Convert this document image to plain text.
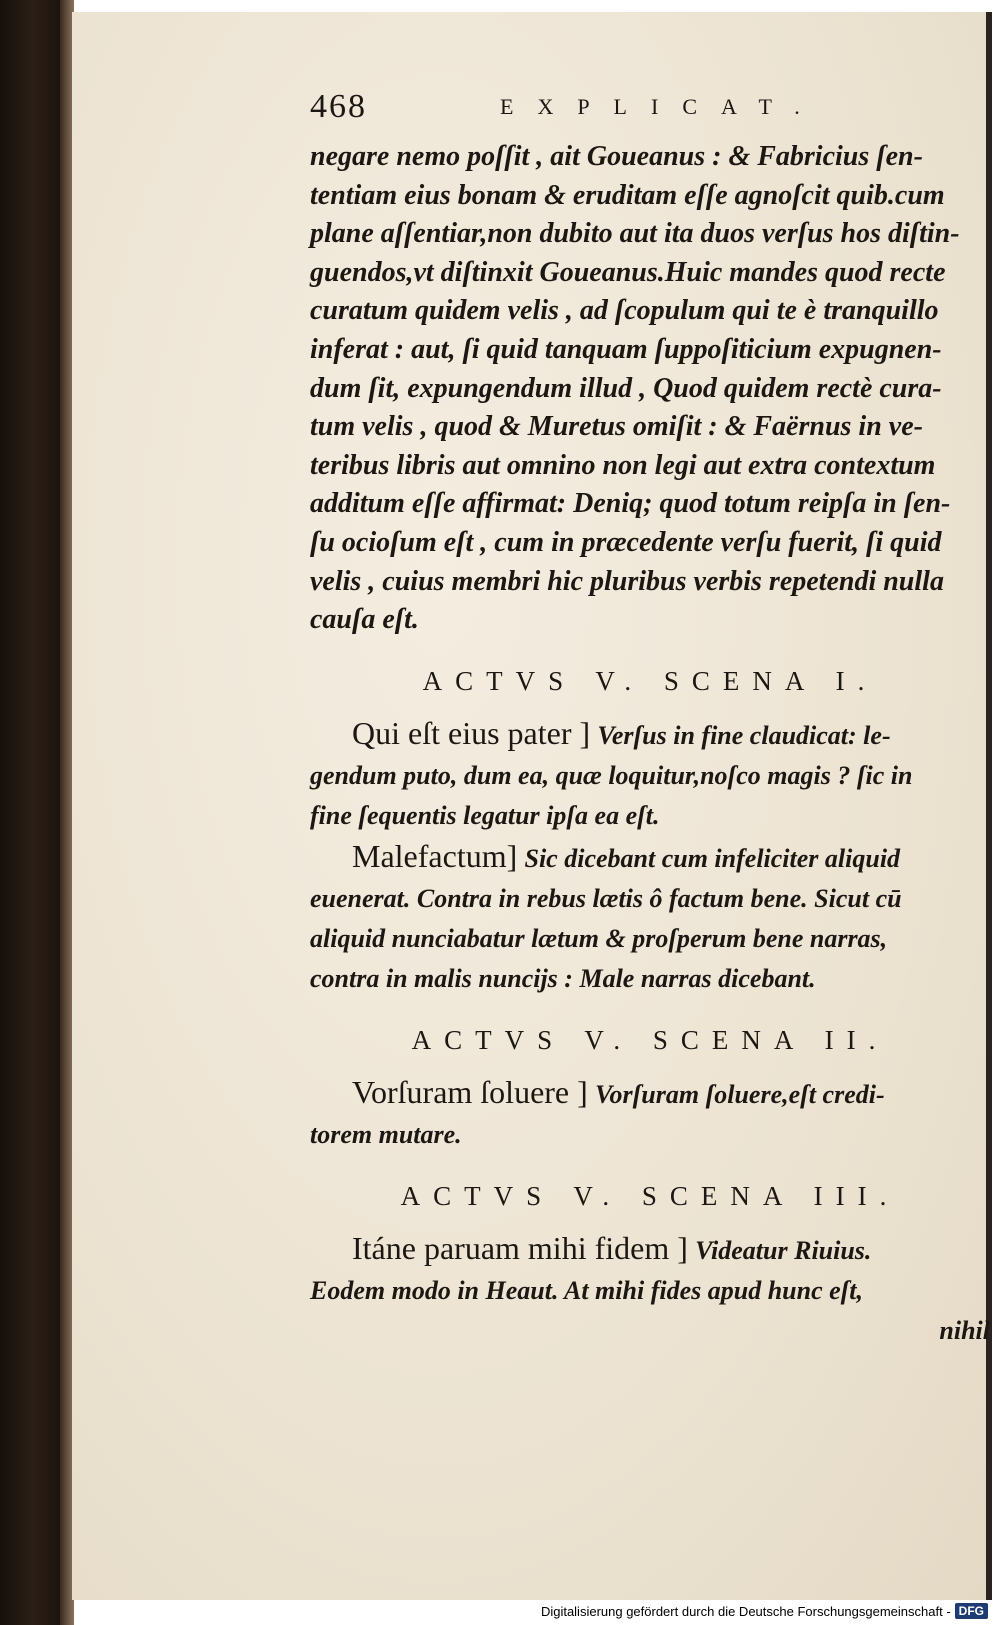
468	EXPLICAT.

negare nemo poſſit , ait Goueanus : & Fabricius ſen-
tentiam eius bonam & eruditam eſſe agnoſcit quib.cum
plane aſſentiar,non dubito aut ita duos verſus hos diſtin-
guendos,vt diſtinxit Goueanus.Huic mandes quod recte
curatum quidem velis , ad ſcopulum qui te è tranquillo
inferat : aut, ſi quid tanquam ſuppoſiticium expugnen-
dum ſit, expungendum illud , Quod quidem rectè cura-
tum velis , quod & Muretus omiſit : & Faërnus in ve-
teribus libris aut omnino non legi aut extra contextum
additum eſſe affirmat: Deniq; quod totum reipſa in ſen-
ſu ocioſum eſt , cum in præcedente verſu fuerit, ſi quid
velis , cuius membri hic pluribus verbis repetendi nulla
cauſa eſt.

ACTVS V. SCENA I.
Qui eſt eius pater ] Verſus in fine claudicat: le-
gendum puto, dum ea, quæ loquitur,noſco magis ? ſic in
fine ſequentis legatur ipſa ea eſt.
Malefactum] Sic dicebant cum infeliciter aliquid
euenerat. Contra in rebus lætis ô factum bene. Sicut cū
aliquid nunciabatur lætum & proſperum bene narras,
contra in malis nuncijs : Male narras dicebant.
ACTVS V. SCENA II.
Vorſuram ſoluere ] Vorſuram ſoluere,eſt credi-
torem mutare.
ACTVS V. SCENA III.
Itáne paruam mihi fidem ] Videatur Riuius.
Eodem modo in Heaut. At mihi fides apud hunc eſt,
nihil
Digitalisierung gefördert durch die Deutsche Forschungsgemeinschaft - DFG
